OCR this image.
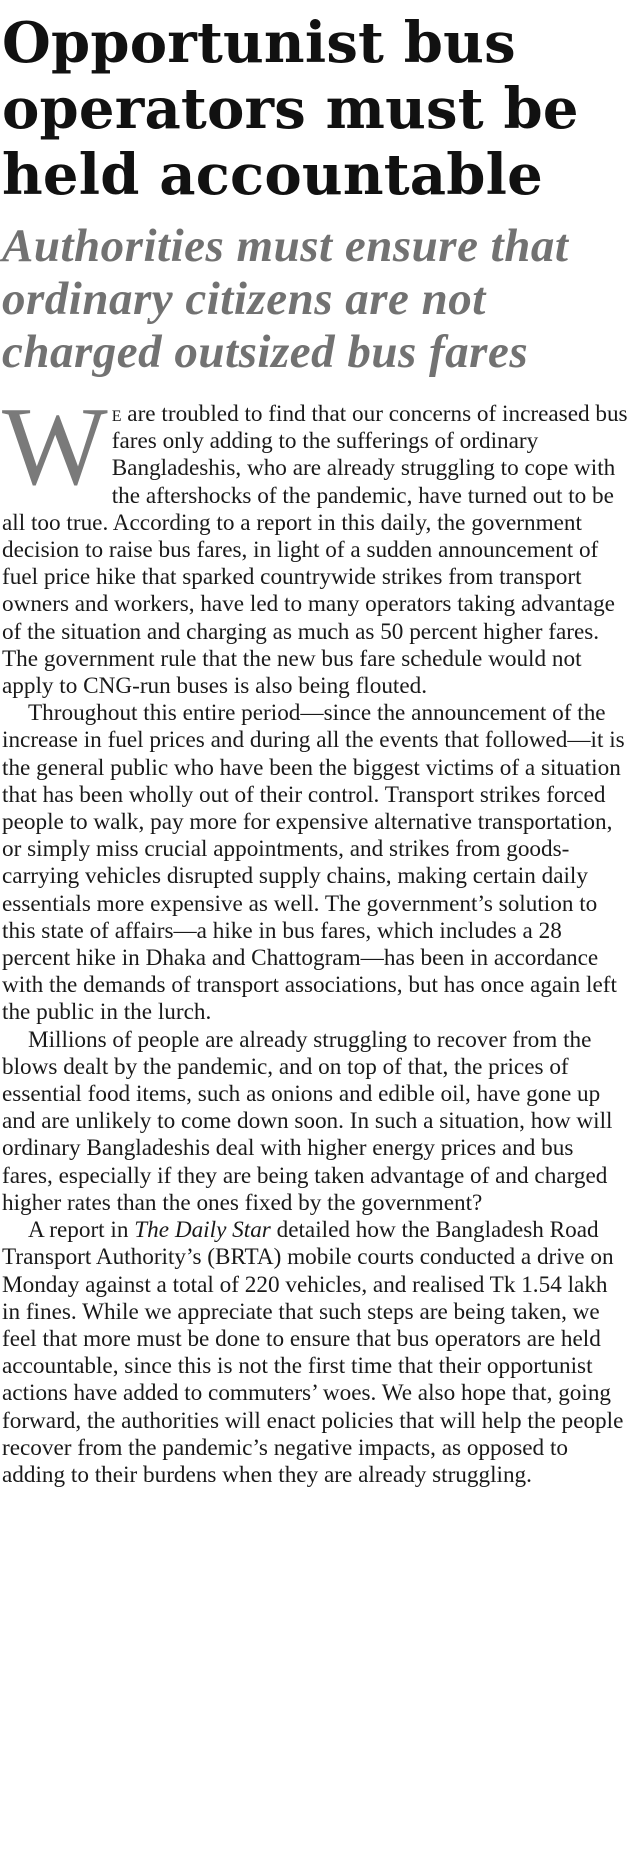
Opportunist bus operators must be held accountable
Authorities must ensure that ordinary citizens are not charged outsized bus fares

We are troubled to find that our concerns of increased bus fares only adding to the sufferings of ordinary Bangladeshis, who are already struggling to cope with the aftershocks of the pandemic, have turned out to be all too true. According to a report in this daily, the government decision to raise bus fares, in light of a sudden announcement of fuel price hike that sparked countrywide strikes from transport owners and workers, have led to many operators taking advantage of the situation and charging as much as 50 percent higher fares. The government rule that the new bus fare schedule would not apply to CNG-run buses is also being flouted.

Throughout this entire period—since the announcement of the increase in fuel prices and during all the events that followed—it is the general public who have been the biggest victims of a situation that has been wholly out of their control. Transport strikes forced people to walk, pay more for expensive alternative transportation, or simply miss crucial appointments, and strikes from goods-carrying vehicles disrupted supply chains, making certain daily essentials more expensive as well. The government’s solution to this state of affairs—a hike in bus fares, which includes a 28 percent hike in Dhaka and Chattogram—has been in accordance with the demands of transport associations, but has once again left the public in the lurch.

Millions of people are already struggling to recover from the blows dealt by the pandemic, and on top of that, the prices of essential food items, such as onions and edible oil, have gone up and are unlikely to come down soon. In such a situation, how will ordinary Bangladeshis deal with higher energy prices and bus fares, especially if they are being taken advantage of and charged higher rates than the ones fixed by the government?

A report in The Daily Star detailed how the Bangladesh Road Transport Authority’s (BRTA) mobile courts conducted a drive on Monday against a total of 220 vehicles, and realised Tk 1.54 lakh in fines. While we appreciate that such steps are being taken, we feel that more must be done to ensure that bus operators are held accountable, since this is not the first time that their opportunist actions have added to commuters’ woes. We also hope that, going forward, the authorities will enact policies that will help the people recover from the pandemic’s negative impacts, as opposed to adding to their burdens when they are already struggling.
